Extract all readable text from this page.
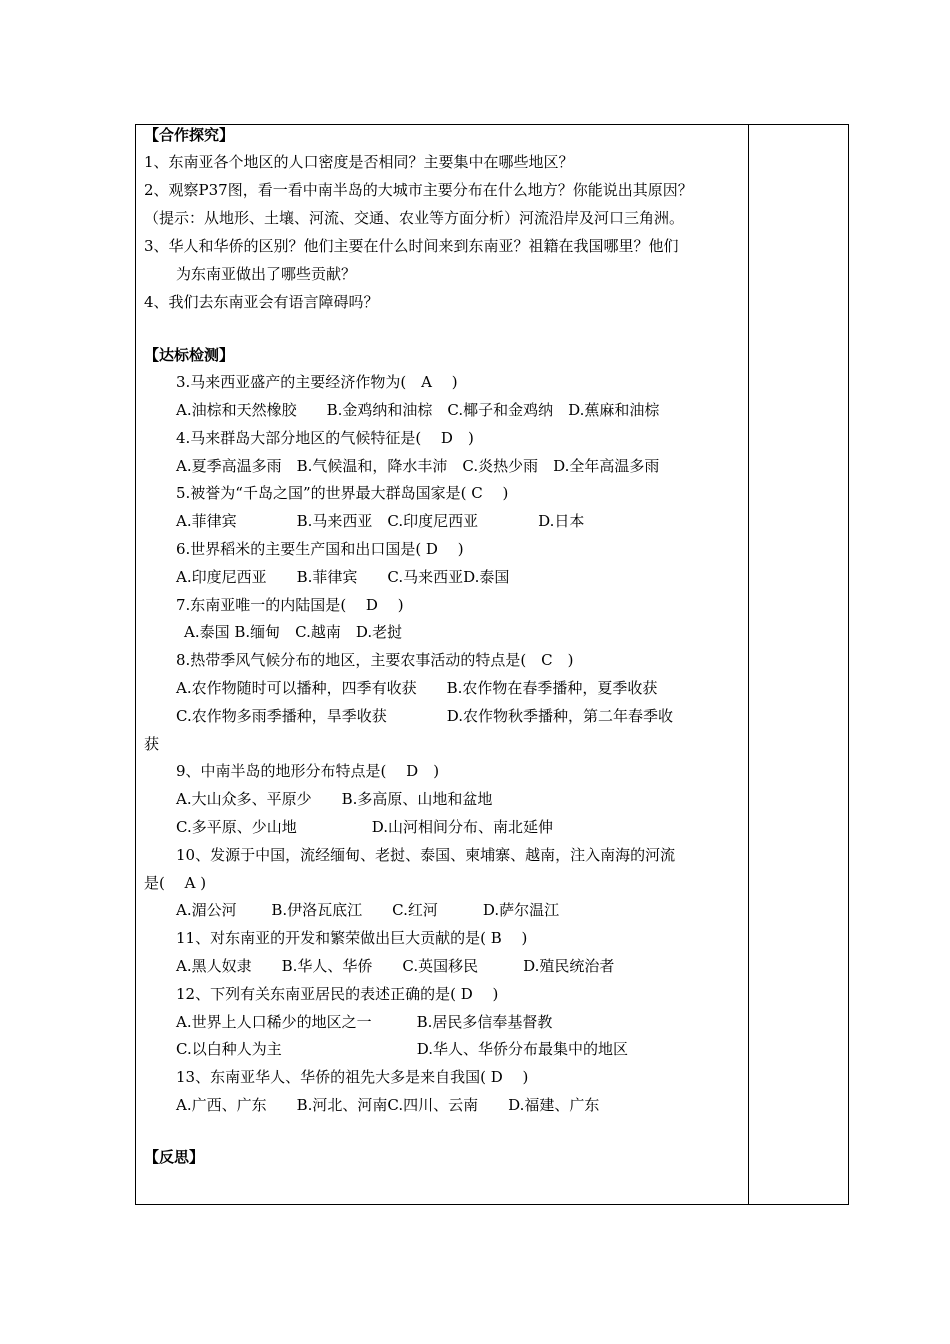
【合作探究】
1、东南亚各个地区的人口密度是否相同？主要集中在哪些地区？
2、观察P37图，看一看中南半岛的大城市主要分布在什么地方？你能说出其原因？
（提示：从地形、土壤、河流、交通、农业等方面分析）河流沿岸及河口三角洲。
3、华人和华侨的区别？他们主要在什么时间来到东南亚？祖籍在我国哪里？他们
为东南亚做出了哪些贡献？
4、我们去东南亚会有语言障碍吗？
【达标检测】
3.马来西亚盛产的主要经济作物为(　A　 )
A.油棕和天然橡胶　　B.金鸡纳和油棕　C.椰子和金鸡纳　D.蕉麻和油棕
4.马来群岛大部分地区的气候特征是(　 D　)
A.夏季高温多雨　B.气候温和，降水丰沛　C.炎热少雨　D.全年高温多雨
5.被誉为“千岛之国”的世界最大群岛国家是( C　 )
A.菲律宾　　　　B.马来西亚　C.印度尼西亚　　　　D.日本
6.世界稻米的主要生产国和出口国是( D　 )
A.印度尼西亚　　B.菲律宾　　C.马来西亚D.泰国
7.东南亚唯一的内陆国是(　 D　 )
A.泰国 B.缅甸　C.越南　D.老挝
8.热带季风气候分布的地区，主要农事活动的特点是(　C　)
A.农作物随时可以播种，四季有收获　　B.农作物在春季播种，夏季收获
C.农作物多雨季播种，旱季收获　　　　D.农作物秋季播种，第二年春季收
获
9、中南半岛的地形分布特点是(　 D　)
A.大山众多、平原少　　B.多高原、山地和盆地
C.多平原、少山地　　　　　D.山河相间分布、南北延伸
10、发源于中国，流经缅甸、老挝、泰国、柬埔寨、越南，注入南海的河流
是(　 A )
A.湄公河　　 B.伊洛瓦底江　　C.红河　　　D.萨尔温江
11、对东南亚的开发和繁荣做出巨大贡献的是( B　 )
A.黑人奴隶　　B.华人、华侨　　C.英国移民　　　D.殖民统治者
12、下列有关东南亚居民的表述正确的是( D　 )
A.世界上人口稀少的地区之一　　　B.居民多信奉基督教
C.以白种人为主　　　　　　　　　D.华人、华侨分布最集中的地区
13、东南亚华人、华侨的祖先大多是来自我国( D　 )
A.广西、广东　　B.河北、河南C.四川、云南　　D.福建、广东
【反思】
